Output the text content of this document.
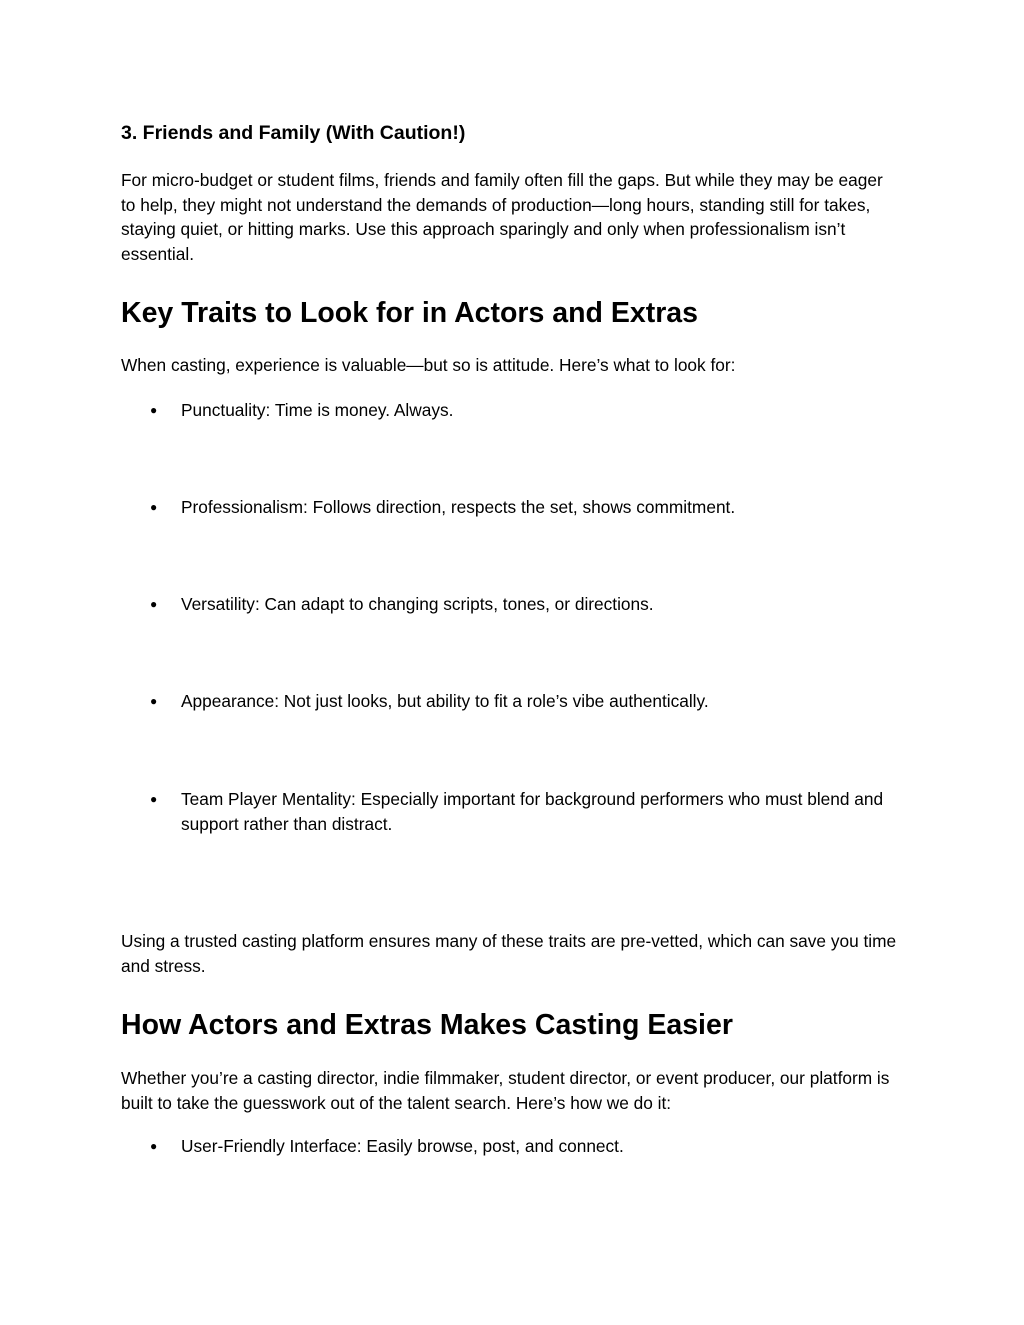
3. Friends and Family (With Caution!)

For micro-budget or student films, friends and family often fill the gaps. But while they may be eager to help, they might not understand the demands of production—long hours, standing still for takes, staying quiet, or hitting marks. Use this approach sparingly and only when professionalism isn’t essential.

Key Traits to Look for in Actors and Extras

When casting, experience is valuable—but so is attitude. Here’s what to look for:

● Punctuality: Time is money. Always.

● Professionalism: Follows direction, respects the set, shows commitment.

● Versatility: Can adapt to changing scripts, tones, or directions.

● Appearance: Not just looks, but ability to fit a role’s vibe authentically.

● Team Player Mentality: Especially important for background performers who must blend and support rather than distract.

Using a trusted casting platform ensures many of these traits are pre-vetted, which can save you time and stress.

How Actors and Extras Makes Casting Easier

Whether you’re a casting director, indie filmmaker, student director, or event producer, our platform is built to take the guesswork out of the talent search. Here’s how we do it:

● User-Friendly Interface: Easily browse, post, and connect.
